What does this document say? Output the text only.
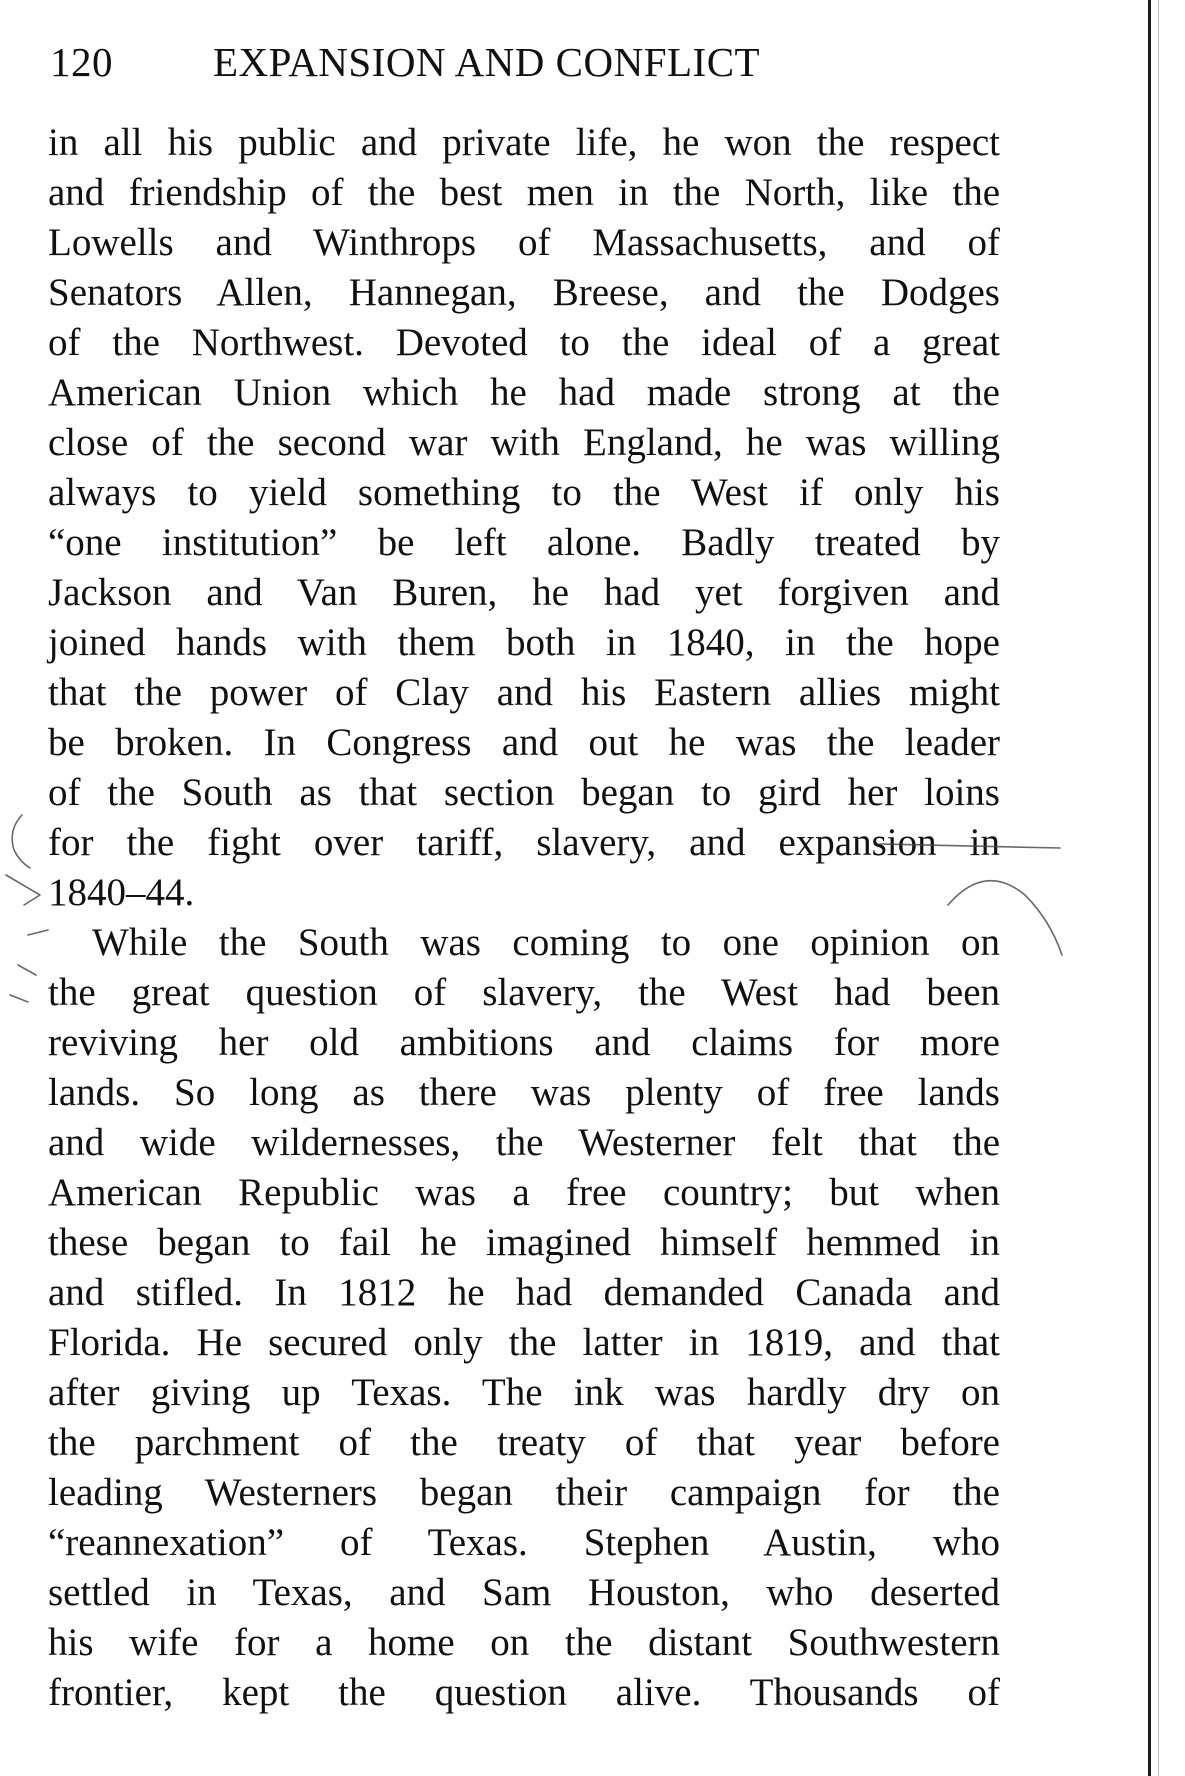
120 EXPANSION AND CONFLICT
in all his public and private life, he won the respect
and friendship of the best men in the North, like the
Lowells and Winthrops of Massachusetts, and of
Senators Allen, Hannegan, Breese, and the Dodges
of the Northwest. Devoted to the ideal of a great
American Union which he had made strong at the
close of the second war with England, he was willing
always to yield something to the West if only his
“one institution” be left alone. Badly treated by
Jackson and Van Buren, he had yet forgiven and
joined hands with them both in 1840, in the hope
that the power of Clay and his Eastern allies might
be broken. In Congress and out he was the leader
of the South as that section began to gird her loins
for the fight over tariff, slavery, and expansion in
1840–44.
While the South was coming to one opinion on
the great question of slavery, the West had been
reviving her old ambitions and claims for more
lands. So long as there was plenty of free lands
and wide wildernesses, the Westerner felt that the
American Republic was a free country; but when
these began to fail he imagined himself hemmed in
and stifled. In 1812 he had demanded Canada and
Florida. He secured only the latter in 1819, and that
after giving up Texas. The ink was hardly dry on
the parchment of the treaty of that year before
leading Westerners began their campaign for the
“reannexation” of Texas. Stephen Austin, who
settled in Texas, and Sam Houston, who deserted
his wife for a home on the distant Southwestern
frontier, kept the question alive. Thousands of
